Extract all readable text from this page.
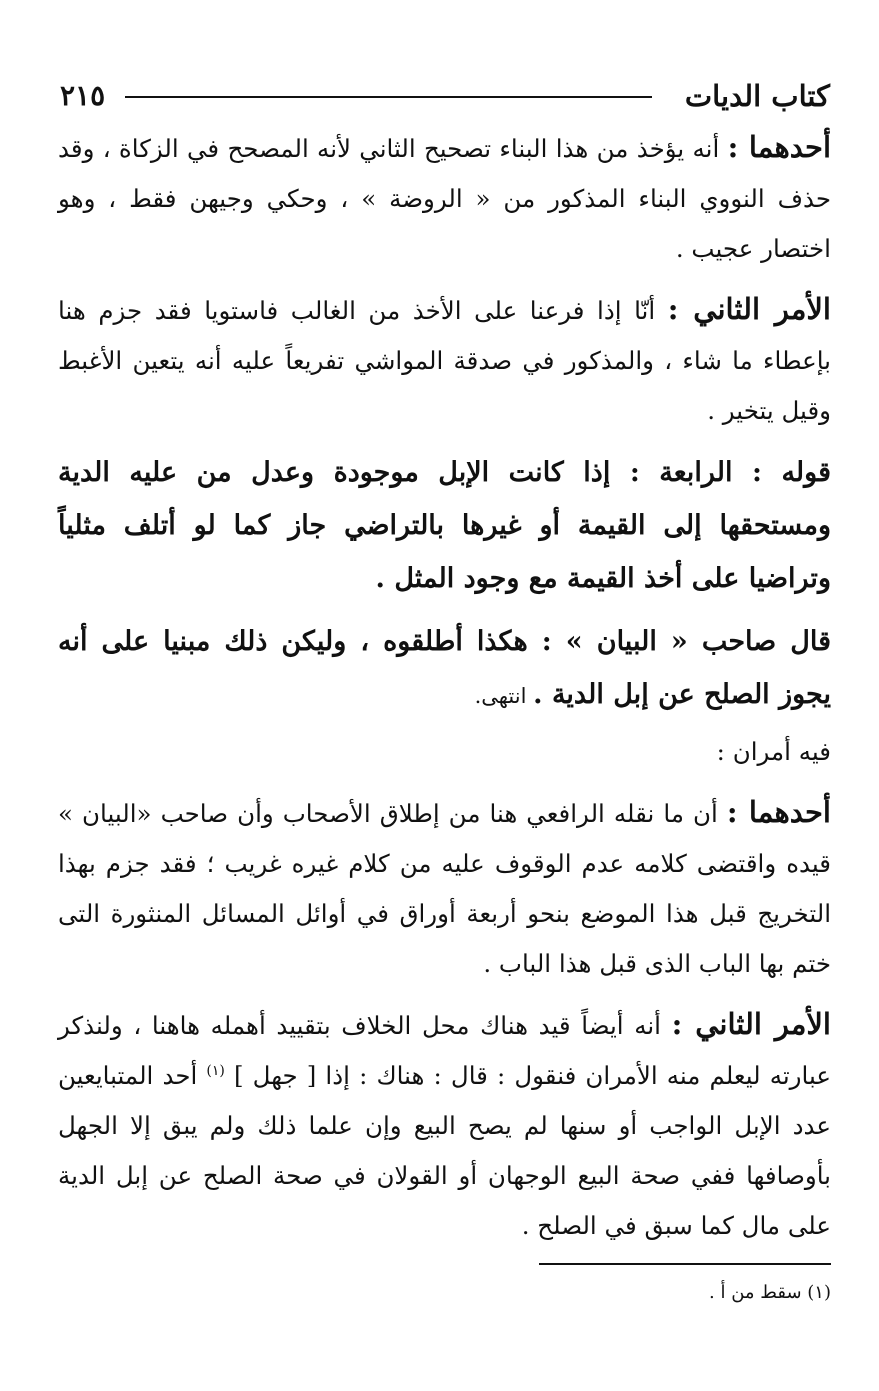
كتاب الديات
٢١٥

أحدهما : أنه يؤخذ من هذا البناء تصحيح الثاني لأنه المصحح في الزكاة ، وقد حذف النووي البناء المذكور من « الروضة » ، وحكي وجيهن فقط ، وهو اختصار عجيب .

الأمر الثاني : أنّا إذا فرعنا على الأخذ من الغالب فاستويا فقد جزم هنا بإعطاء ما شاء ، والمذكور في صدقة المواشي تفريعاً عليه أنه يتعين الأغبط وقيل يتخير .

قوله : الرابعة : إذا كانت الإبل موجودة وعدل من عليه الدية ومستحقها إلى القيمة أو غيرها بالتراضي جاز كما لو أتلف مثلياً وتراضيا على أخذ القيمة مع وجود المثل .

قال صاحب « البيان » : هكذا أطلقوه ، وليكن ذلك مبنيا على أنه يجوز الصلح عن إبل الدية . انتهى.

فيه أمران :

أحدهما : أن ما نقله الرافعي هنا من إطلاق الأصحاب وأن صاحب «البيان » قيده واقتضى كلامه عدم الوقوف عليه من كلام غيره غريب ؛ فقد جزم بهذا التخريج قبل هذا الموضع بنحو أربعة أوراق في أوائل المسائل المنثورة التى ختم بها الباب الذى قبل هذا الباب .

الأمر الثاني : أنه أيضاً قيد هناك محل الخلاف بتقييد أهمله هاهنا ، ولنذكر عبارته ليعلم منه الأمران فنقول : قال : هناك : إذا [ جهل ] $^{(١)}$ أحد المتبايعين عدد الإبل الواجب أو سنها لم يصح البيع وإن علما ذلك ولم يبق إلا الجهل بأوصافها ففي صحة البيع الوجهان أو القولان في صحة الصلح عن إبل الدية على مال كما سبق في الصلح .

(١) سقط من أ .
